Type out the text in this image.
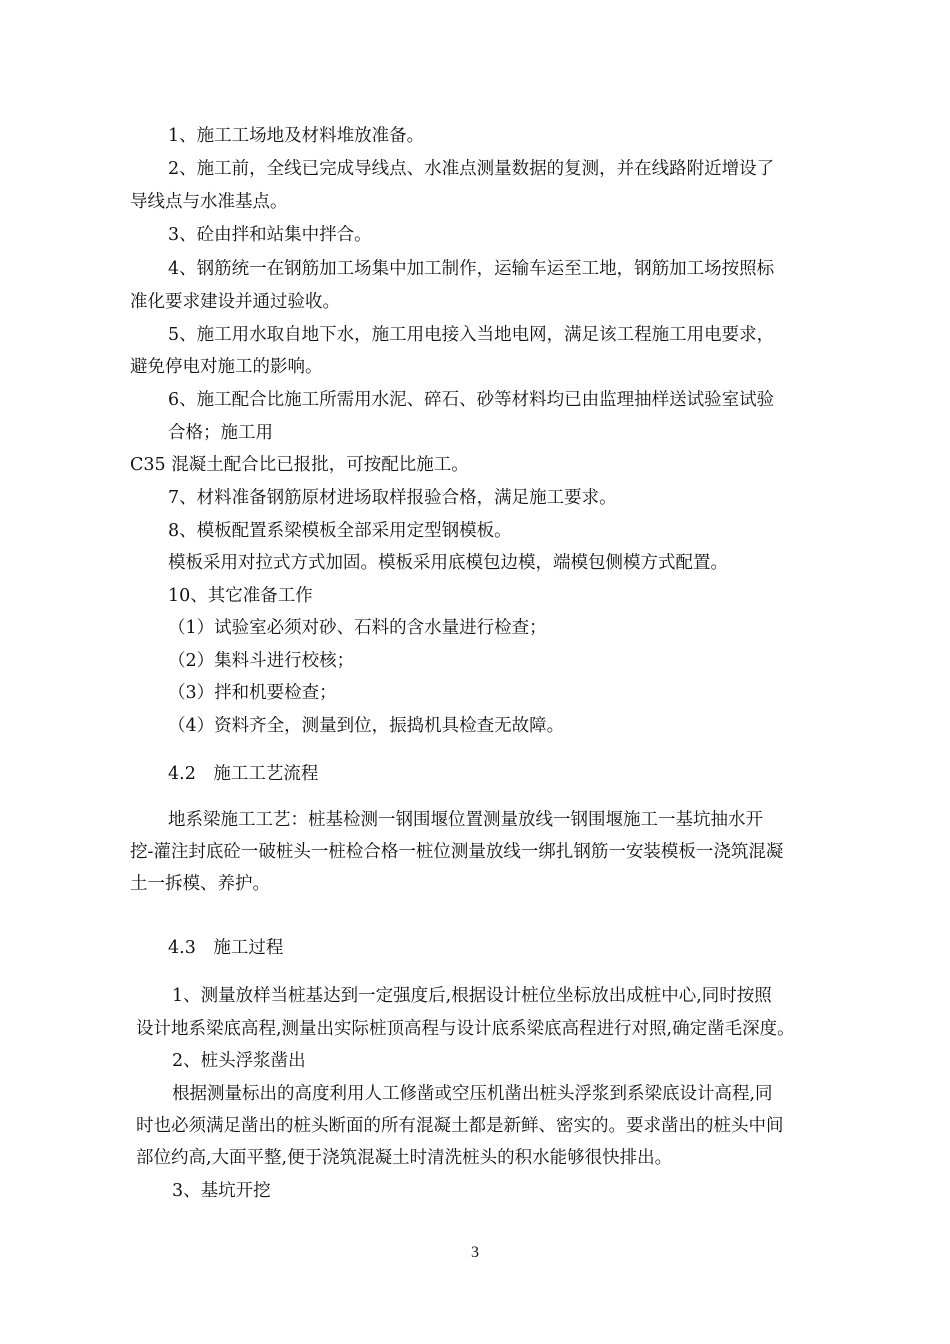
1、施工工场地及材料堆放准备。
2、施工前，全线已完成导线点、水准点测量数据的复测，并在线路附近增设了
导线点与水准基点。
3、砼由拌和站集中拌合。
4、钢筋统一在钢筋加工场集中加工制作，运输车运至工地，钢筋加工场按照标
准化要求建设并通过验收。
5、施工用水取自地下水，施工用电接入当地电网，满足该工程施工用电要求，
避免停电对施工的影响。
6、施工配合比施工所需用水泥、碎石、砂等材料均已由监理抽样送试验室试验
合格；施工用
C35 混凝土配合比已报批，可按配比施工。
7、材料准备钢筋原材进场取样报验合格，满足施工要求。
8、模板配置系梁模板全部采用定型钢模板。
模板采用对拉式方式加固。模板采用底模包边模，端模包侧模方式配置。
10、其它准备工作
（1）试验室必须对砂、石料的含水量进行检查；
（2）集料斗进行校核；
（3）拌和机要检查；
（4）资料齐全，测量到位，振捣机具检查无故障。
4.2　施工工艺流程
地系梁施工工艺：桩基检测一钢围堰位置测量放线一钢围堰施工一基坑抽水开
挖-灌注封底砼一破桩头一桩检合格一桩位测量放线一绑扎钢筋一安装模板一浇筑混凝
土一拆模、养护。
4.3　施工过程
1、测量放样当桩基达到一定强度后,根据设计桩位坐标放出成桩中心,同时按照
设计地系梁底高程,测量出实际桩顶高程与设计底系梁底高程进行对照,确定凿毛深度。
2、桩头浮浆凿出
根据测量标出的高度利用人工修凿或空压机凿出桩头浮浆到系梁底设计高程,同
时也必须满足凿出的桩头断面的所有混凝土都是新鲜、密实的。要求凿出的桩头中间
部位约高,大面平整,便于浇筑混凝土时清洗桩头的积水能够很快排出。
3、基坑开挖
3
